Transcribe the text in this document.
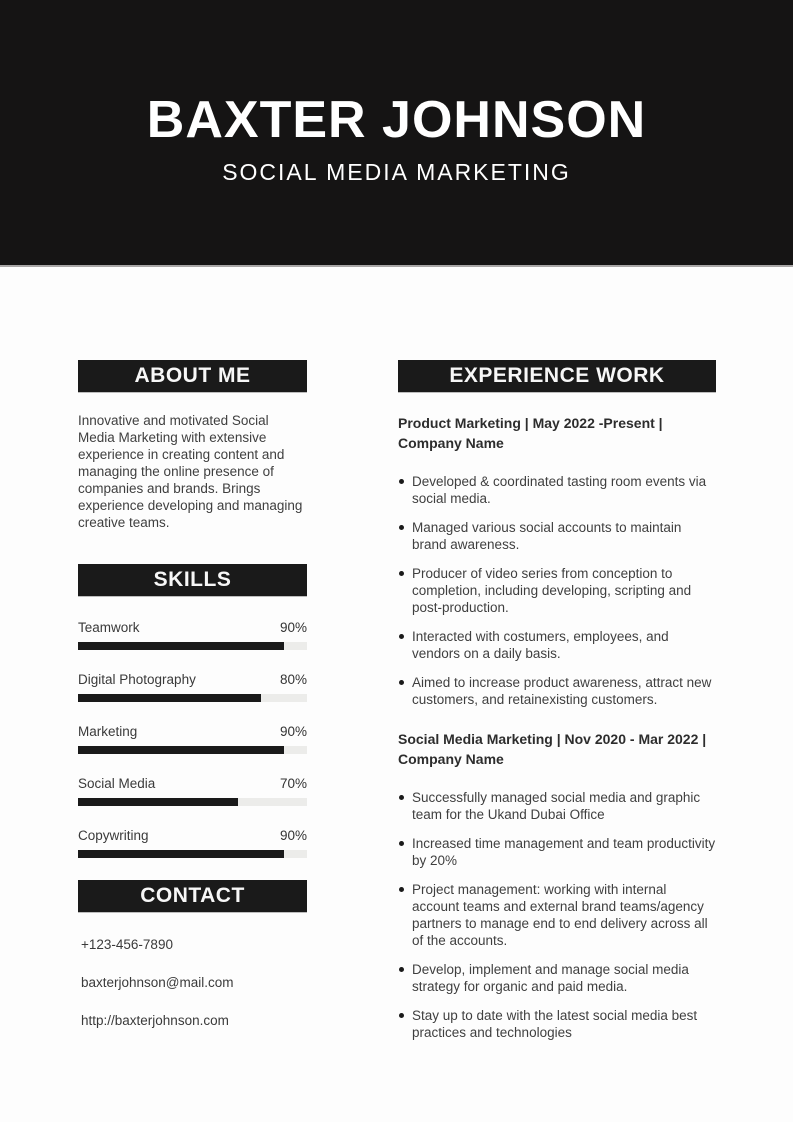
BAXTER JOHNSON
SOCIAL MEDIA MARKETING
ABOUT ME
Innovative and motivated Social Media Marketing with extensive experience in creating content and managing the online presence of companies and brands. Brings experience developing and managing creative teams.
SKILLS
Teamwork	90%
Digital Photography	80%
Marketing	90%
Social Media	70%
Copywriting	90%
CONTACT
+123-456-7890
baxterjohnson@mail.com
http://baxterjohnson.com
EXPERIENCE WORK
Product Marketing | May 2022 -Present |
Company Name
Developed & coordinated tasting room events via social media.
Managed various social accounts to maintain brand awareness.
Producer of video series from conception to completion, including developing, scripting and post-production.
Interacted with costumers, employees, and vendors on a daily basis.
Aimed to increase product awareness, attract new customers, and retainexisting customers.
Social Media Marketing | Nov 2020 - Mar 2022 |
Company Name
Successfully managed social media and graphic team for the Ukand Dubai Office
Increased time management and team productivity by 20%
Project management: working with internal account teams and external brand teams/agency partners to manage end to end delivery across all of the accounts.
Develop, implement and manage social media strategy for organic and paid media.
Stay up to date with the latest social media best practices and technologies
